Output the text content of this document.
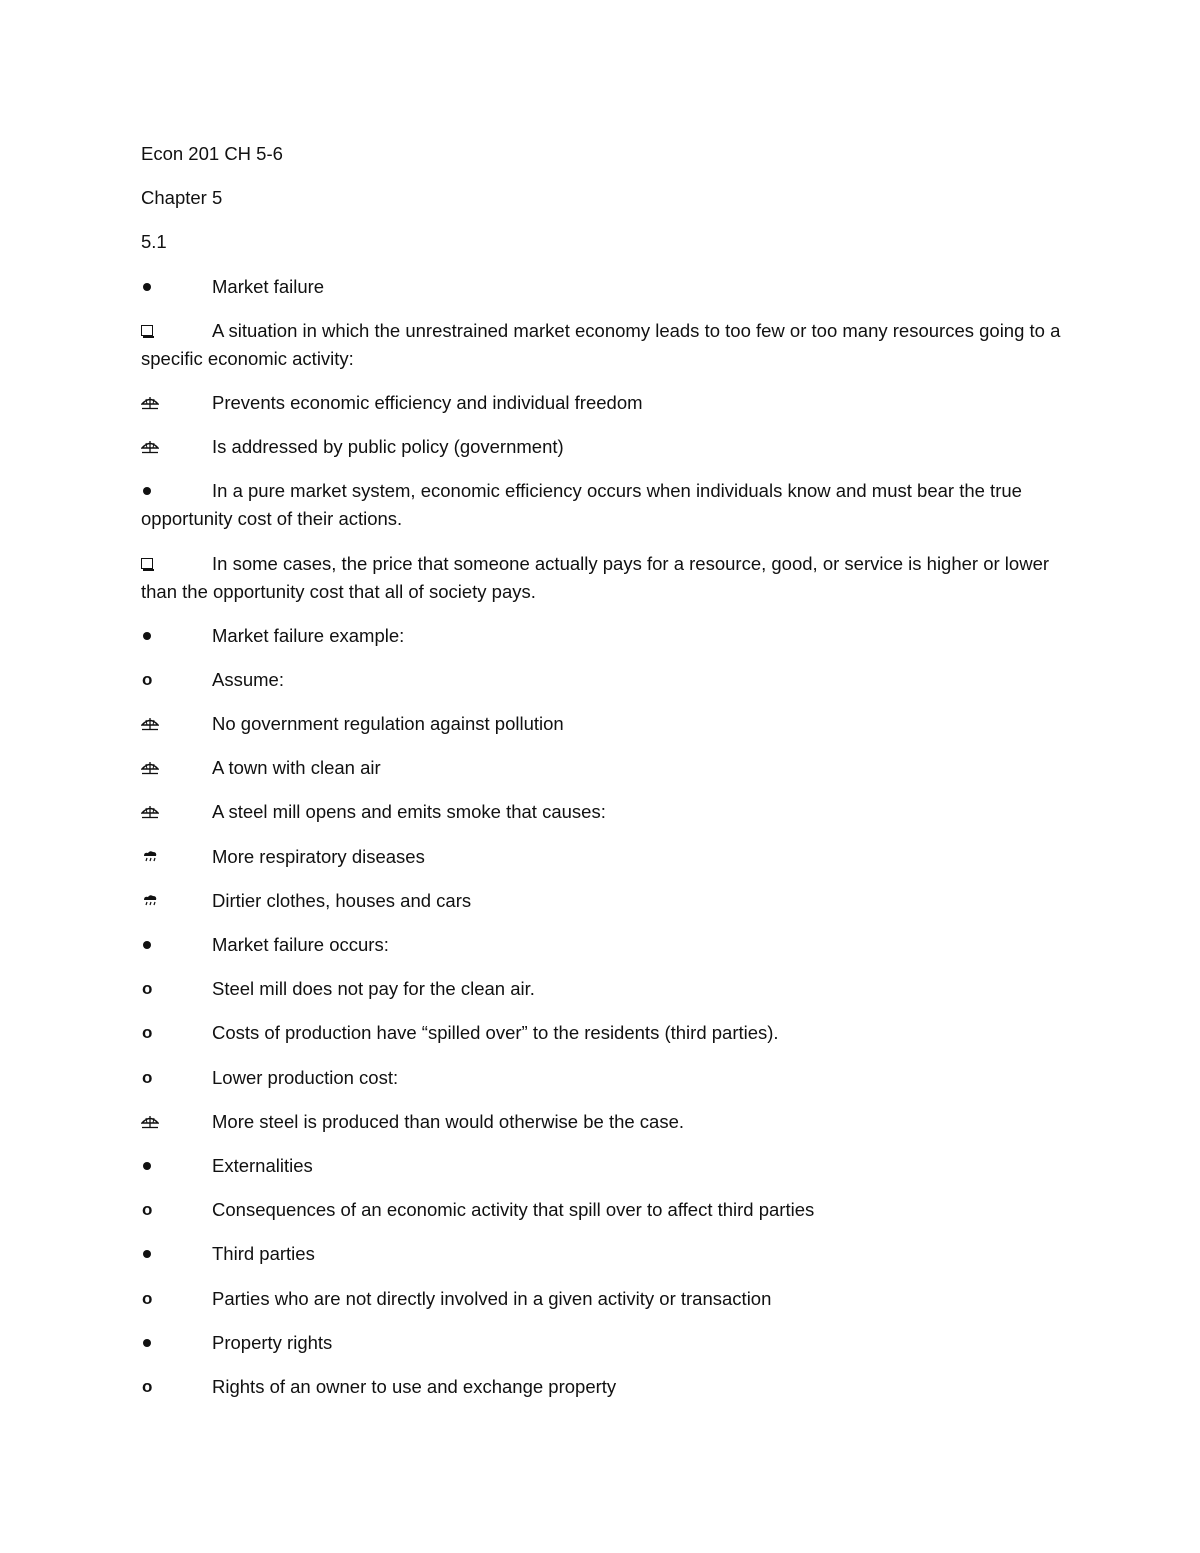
Econ 201 CH 5-6

Chapter 5

5.1

Market failure
A situation in which the unrestrained market economy leads to too few or too many resources going to a specific economic activity:
Prevents economic efficiency and individual freedom
Is addressed by public policy (government)
In a pure market system, economic efficiency occurs when individuals know and must bear the true opportunity cost of their actions.
In some cases, the price that someone actually pays for a resource, good, or service is higher or lower than the opportunity cost that all of society pays.
Market failure example:
o	Assume:
No government regulation against pollution
A town with clean air
A steel mill opens and emits smoke that causes:
More respiratory diseases
Dirtier clothes, houses and cars
Market failure occurs:
o	Steel mill does not pay for the clean air.
o	Costs of production have “spilled over” to the residents (third parties).
o	Lower production cost:
More steel is produced than would otherwise be the case.
Externalities
o	Consequences of an economic activity that spill over to affect third parties
Third parties
o	Parties who are not directly involved in a given activity or transaction
Property rights
o	Rights of an owner to use and exchange property
